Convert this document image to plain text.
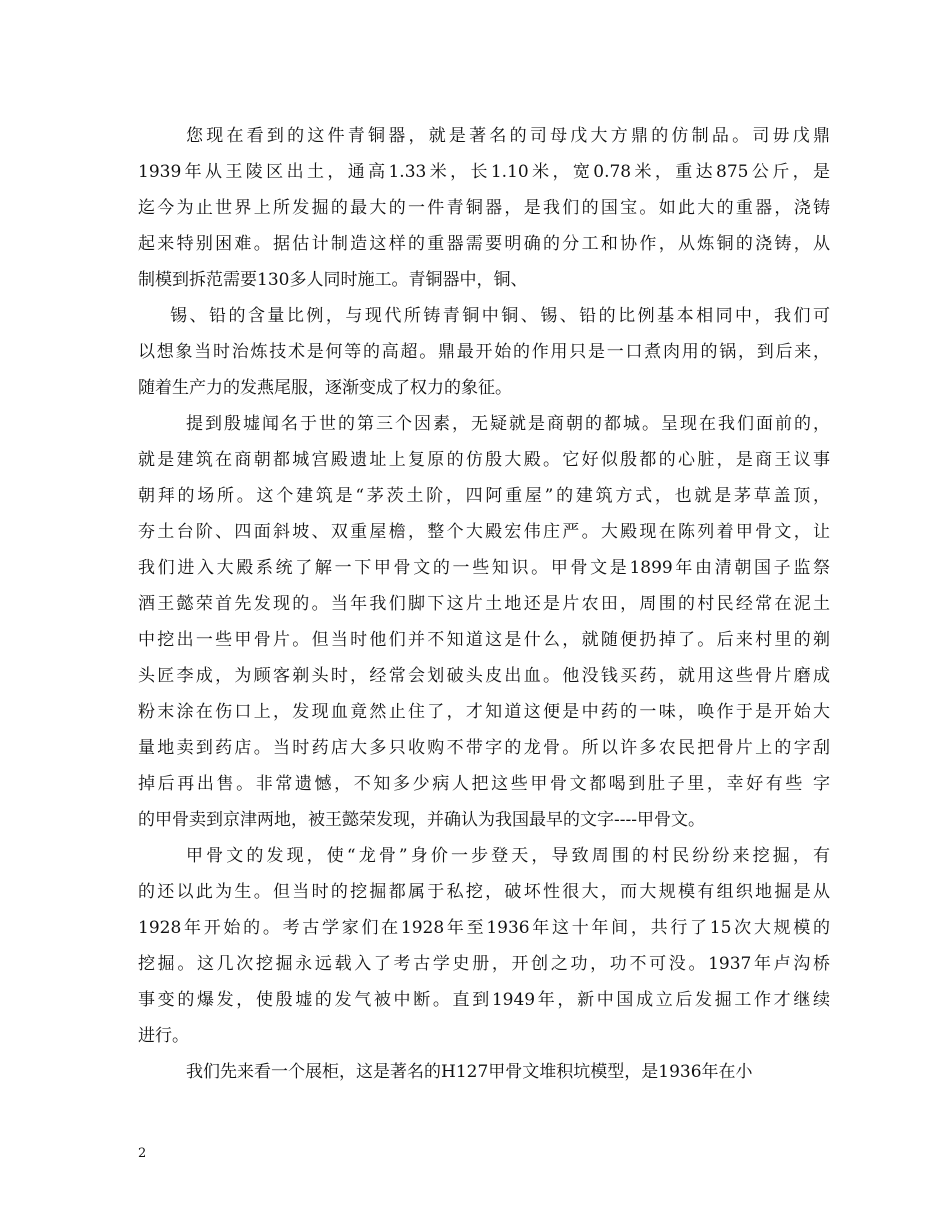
您现在看到的这件青铜器，就是著名的司母戊大方鼎的仿制品。司毋戊鼎
1939年从王陵区出土，通高1.33米，长1.10米，宽0.78米，重达875公斤，是
迄今为止世界上所发掘的最大的一件青铜器，是我们的国宝。如此大的重器，浇铸
起来特别困难。据估计制造这样的重器需要明确的分工和协作，从炼铜的浇铸，从
制模到拆范需要130多人同时施工。青铜器中，铜、
锡、铅的含量比例，与现代所铸青铜中铜、锡、铅的比例基本相同中，我们可
以想象当时治炼技术是何等的高超。鼎最开始的作用只是一口煮肉用的锅，到后来，
随着生产力的发燕尾服，逐渐变成了权力的象征。
提到殷墟闻名于世的第三个因素，无疑就是商朝的都城。呈现在我们面前的，
就是建筑在商朝都城宫殿遗址上复原的仿殷大殿。它好似殷都的心脏，是商王议事
朝拜的场所。这个建筑是“茅茨土阶，四阿重屋”的建筑方式，也就是茅草盖顶，
夯土台阶、四面斜坡、双重屋檐，整个大殿宏伟庄严。大殿现在陈列着甲骨文，让
我们进入大殿系统了解一下甲骨文的一些知识。甲骨文是1899年由清朝国子监祭
酒王懿荣首先发现的。当年我们脚下这片土地还是片农田，周围的村民经常在泥土
中挖出一些甲骨片。但当时他们并不知道这是什么，就随便扔掉了。后来村里的剃
头匠李成，为顾客剃头时，经常会划破头皮出血。他没钱买药，就用这些骨片磨成
粉末涂在伤口上，发现血竟然止住了，才知道这便是中药的一味，唤作于是开始大
量地卖到药店。当时药店大多只收购不带字的龙骨。所以许多农民把骨片上的字刮
掉后再出售。非常遗憾，不知多少病人把这些甲骨文都喝到肚子里，幸好有些 字
的甲骨卖到京津两地，被王懿荣发现，并确认为我国最早的文字----甲骨文。
甲骨文的发现，使“龙骨”身价一步登天，导致周围的村民纷纷来挖掘，有
的还以此为生。但当时的挖掘都属于私挖，破坏性很大，而大规模有组织地掘是从
1928年开始的。考古学家们在1928年至1936年这十年间，共行了15次大规模的
挖掘。这几次挖掘永远载入了考古学史册，开创之功，功不可没。1937年卢沟桥
事变的爆发，使殷墟的发气被中断。直到1949年，新中国成立后发掘工作才继续
进行。
我们先来看一个展柜，这是著名的H127甲骨文堆积坑模型，是1936年在小
2
